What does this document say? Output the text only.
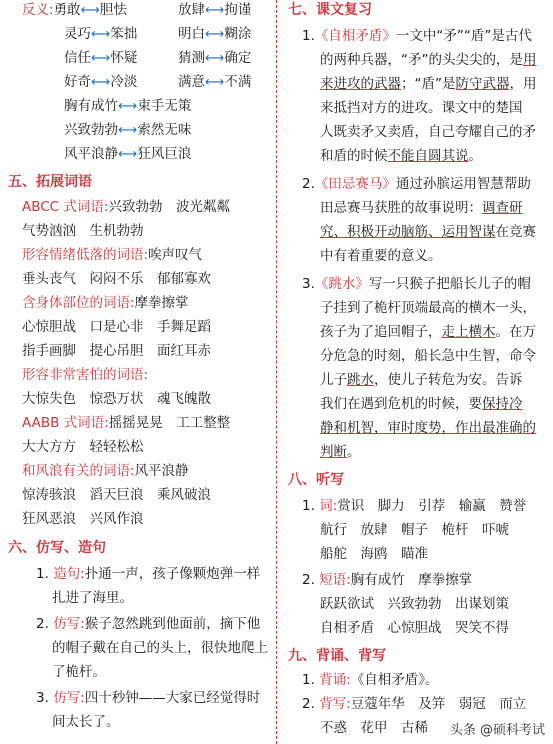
反义:勇敢⟷胆怯	放肆⟷拘谨
灵巧⟷笨拙	明白⟷糊涂
信任⟷怀疑	猜测⟷确定
好奇⟷冷淡	满意⟷不满
胸有成竹⟷束手无策
兴致勃勃⟷索然无味
风平浪静⟷狂风巨浪
五、拓展词语
ABCC 式词语:兴致勃勃　波光粼粼
气势汹汹　生机勃勃
形容情绪低落的词语:唉声叹气
垂头丧气　闷闷不乐　郁郁寡欢
含身体部位的词语:摩拳擦掌
心惊胆战　口是心非　手舞足蹈
指手画脚　提心吊胆　面红耳赤
形容非常害怕的词语:
大惊失色　惊恐万状　魂飞魄散
AABB 式词语:摇摇晃晃　工工整整
大大方方　轻轻松松
和风浪有关的词语:风平浪静
惊涛骇浪　滔天巨浪　乘风破浪
狂风恶浪　兴风作浪
六、仿写、造句
1. 造句:扑通一声，孩子像颗炮弹一样
扎进了海里。
2. 仿写:猴子忽然跳到他面前，摘下他
的帽子戴在自己的头上，很快地爬上
了桅杆。
3. 仿写:四十秒钟——大家已经觉得时
间太长了。
七、课文复习
1.《自相矛盾》一文中“矛”“盾”是古代
的两种兵器，“矛”的头尖尖的，是用
来进攻的武器；“盾”是防守武器，用
来抵挡对方的进攻。课文中的楚国
人既卖矛又卖盾，自己夸耀自己的矛
和盾的时候不能自圆其说。
2.《田忌赛马》通过孙膑运用智慧帮助
田忌赛马获胜的故事说明：调查研
究、积极开动脑筋、运用智谋在竞赛
中有着重要的意义。
3.《跳水》写一只猴子把船长儿子的帽
子挂到了桅杆顶端最高的横木一头，
孩子为了追回帽子，走上横木。在万
分危急的时刻，船长急中生智，命令
儿子跳水，使儿子转危为安。告诉
我们在遇到危机的时候，要保持冷
静和机智，审时度势，作出最准确的
判断。
八、听写
1. 词:赏识　脚力　引荐　输赢　赞誉
航行　放肆　帽子　桅杆　吓唬
船舵　海鸥　瞄准
2. 短语:胸有成竹　摩拳擦掌
跃跃欲试　兴致勃勃　出谋划策
自相矛盾　心惊胆战　哭笑不得
九、背诵、背写
1. 背诵:《自相矛盾》。
2. 背写:豆蔻年华　及笄　弱冠　而立
不惑　花甲　古稀 头条 @硕科考试
